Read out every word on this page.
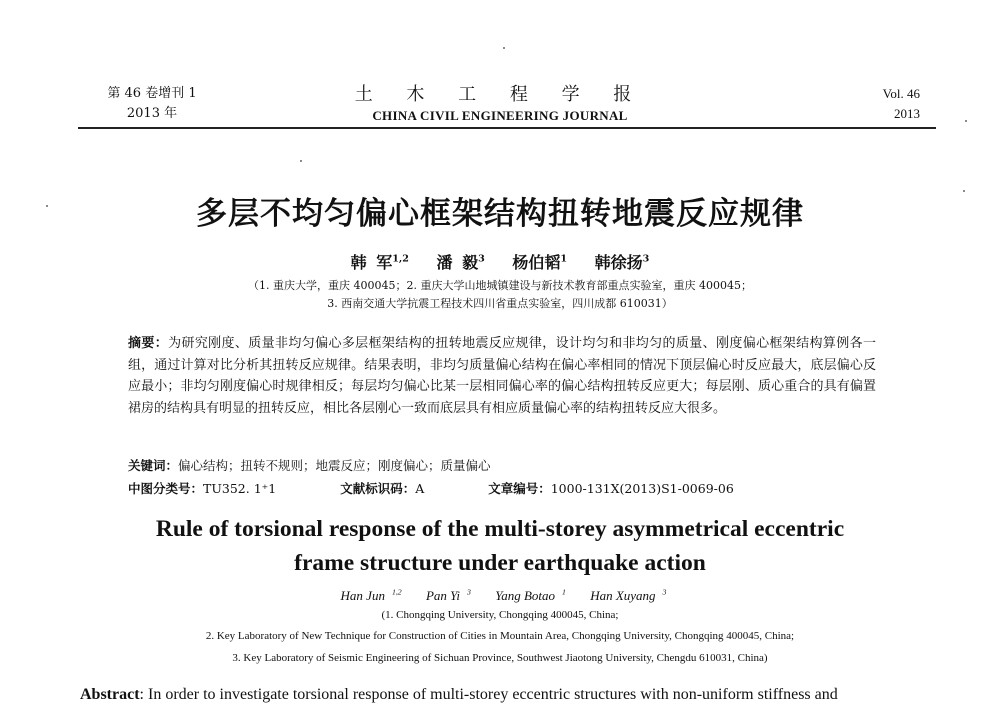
第 46 卷增刊 1
2013 年
土 木 工 程 学 报
CHINA CIVIL ENGINEERING JOURNAL
Vol. 46
2013
多层不均匀偏心框架结构扭转地震反应规律
韩 军$^{1,2}$ 潘 毅$^3$ 杨伯韬$^1$ 韩徐扬$^3$
（1. 重庆大学，重庆 400045；2. 重庆大学山地城镇建设与新技术教育部重点实验室，重庆 400045；
3. 西南交通大学抗震工程技术四川省重点实验室，四川成都 610031）
摘要：为研究刚度、质量非均匀偏心多层框架结构的扭转地震反应规律，设计均匀和非均匀的质量、刚度偏心框架结构算例各一组，通过计算对比分析其扭转反应规律。结果表明，非均匀质量偏心结构在偏心率相同的情况下顶层偏心时反应最大，底层偏心反应最小；非均匀刚度偏心时规律相反；每层均匀偏心比某一层相同偏心率的偏心结构扭转反应更大；每层刚、质心重合的具有偏置裙房的结构具有明显的扭转反应，相比各层刚心一致而底层具有相应质量偏心率的结构扭转反应大很多。
关键词：偏心结构；扭转不规则；地震反应；刚度偏心；质量偏心
中图分类号：TU352. 1⁺1	文献标识码：A	文章编号：1000-131X(2013)S1-0069-06
Rule of torsional response of the multi-storey asymmetrical eccentric
frame structure under earthquake action
Han Jun $^{1,2}$ Pan Yi $^3$ Yang Botao $^1$ Han Xuyang $^3$
(1. Chongqing University, Chongqing 400045, China;
2. Key Laboratory of New Technique for Construction of Cities in Mountain Area, Chongqing University, Chongqing 400045, China;
3. Key Laboratory of Seismic Engineering of Sichuan Province, Southwest Jiaotong University, Chengdu 610031, China)
Abstract: In order to investigate torsional response of multi-storey eccentric structures with non-uniform stiffness and
